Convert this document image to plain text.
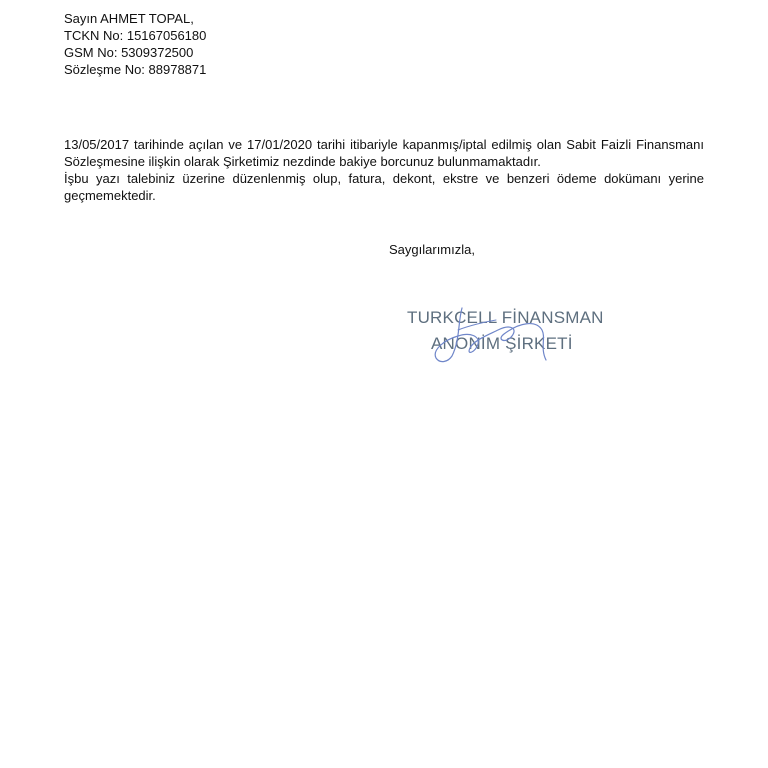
Sayın AHMET TOPAL,
TCKN No: 15167056180
GSM No: 5309372500
Sözleşme No: 88978871

13/05/2017 tarihinde açılan ve 17/01/2020 tarihi itibariyle kapanmış/iptal edilmiş olan Sabit Faizli Finansmanı Sözleşmesine ilişkin olarak Şirketimiz nezdinde bakiye borcunuz bulunmamaktadır.

İşbu yazı talebiniz üzerine düzenlenmiş olup, fatura, dekont, ekstre ve benzeri ödeme dokümanı yerine geçmemektedir.

Saygılarımızla,
TURKCELL FİNANSMAN
ANONİM ŞİRKETİ
